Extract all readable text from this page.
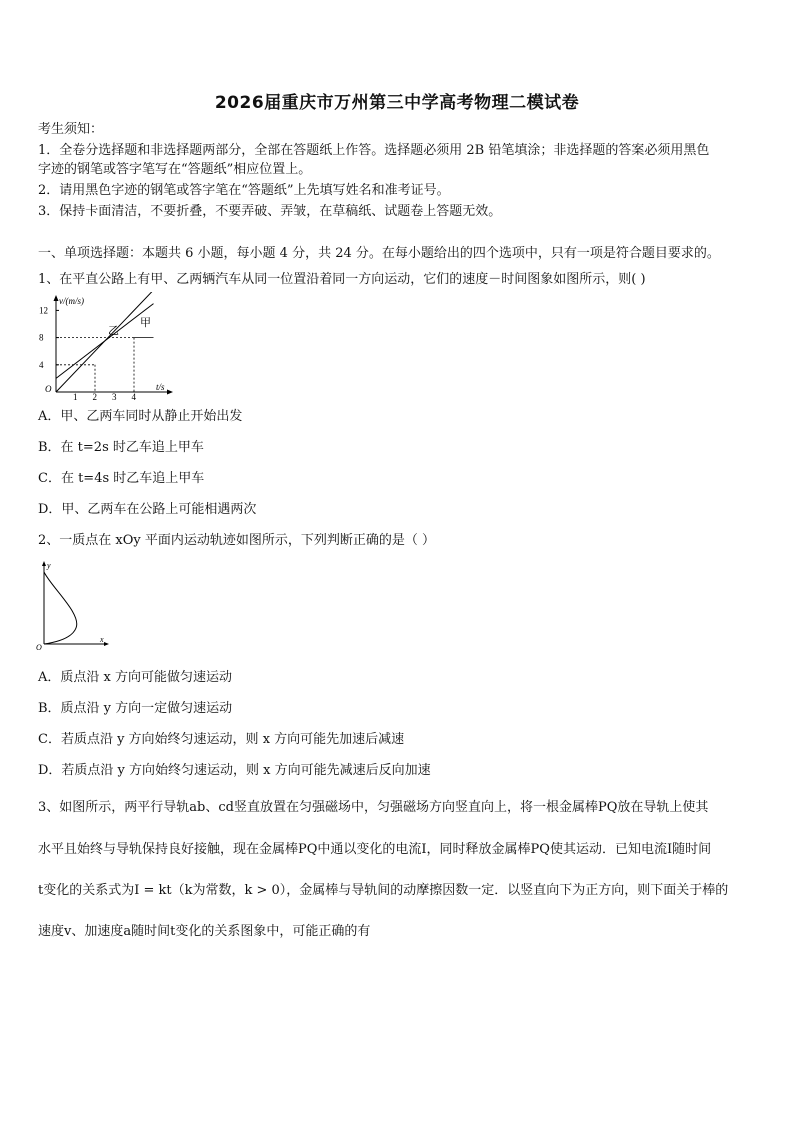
2026届重庆市万州第三中学高考物理二模试卷
考生须知：
1．全卷分选择题和非选择题两部分，全部在答题纸上作答。选择题必须用 2B 铅笔填涂；非选择题的答案必须用黑色
字迹的钢笔或答字笔写在“答题纸”相应位置上。
2．请用黑色字迹的钢笔或答字笔在“答题纸”上先填写姓名和准考证号。
3．保持卡面清洁，不要折叠，不要弄破、弄皱，在草稿纸、试题卷上答题无效。
一、单项选择题：本题共 6 小题，每小题 4 分，共 24 分。在每小题给出的四个选项中，只有一项是符合题目要求的。
1、在平直公路上有甲、乙两辆汽车从同一位置沿着同一方向运动，它们的速度－时间图象如图所示，则( )
v/(m/s)
t/s
O
12
8
4
1 2 3 4
乙
甲
A．甲、乙两车同时从静止开始出发
B．在 t=2s 时乙车追上甲车
C．在 t=4s 时乙车追上甲车
D．甲、乙两车在公路上可能相遇两次
2、一质点在 xOy 平面内运动轨迹如图所示，下列判断正确的是（ ）
y
x
O
A．质点沿 x 方向可能做匀速运动
B．质点沿 y 方向一定做匀速运动
C．若质点沿 y 方向始终匀速运动，则 x 方向可能先加速后减速
D．若质点沿 y 方向始终匀速运动，则 x 方向可能先减速后反向加速
3、如图所示，两平行导轨ab、cd竖直放置在匀强磁场中，匀强磁场方向竖直向上，将一根金属棒PQ放在导轨上使其
水平且始终与导轨保持良好接触，现在金属棒PQ中通以变化的电流I，同时释放金属棒PQ使其运动．已知电流I随时间
t变化的关系式为I = kt（k为常数，k > 0），金属棒与导轨间的动摩擦因数一定．以竖直向下为正方向，则下面关于棒的
速度v、加速度a随时间t变化的关系图象中，可能正确的有
